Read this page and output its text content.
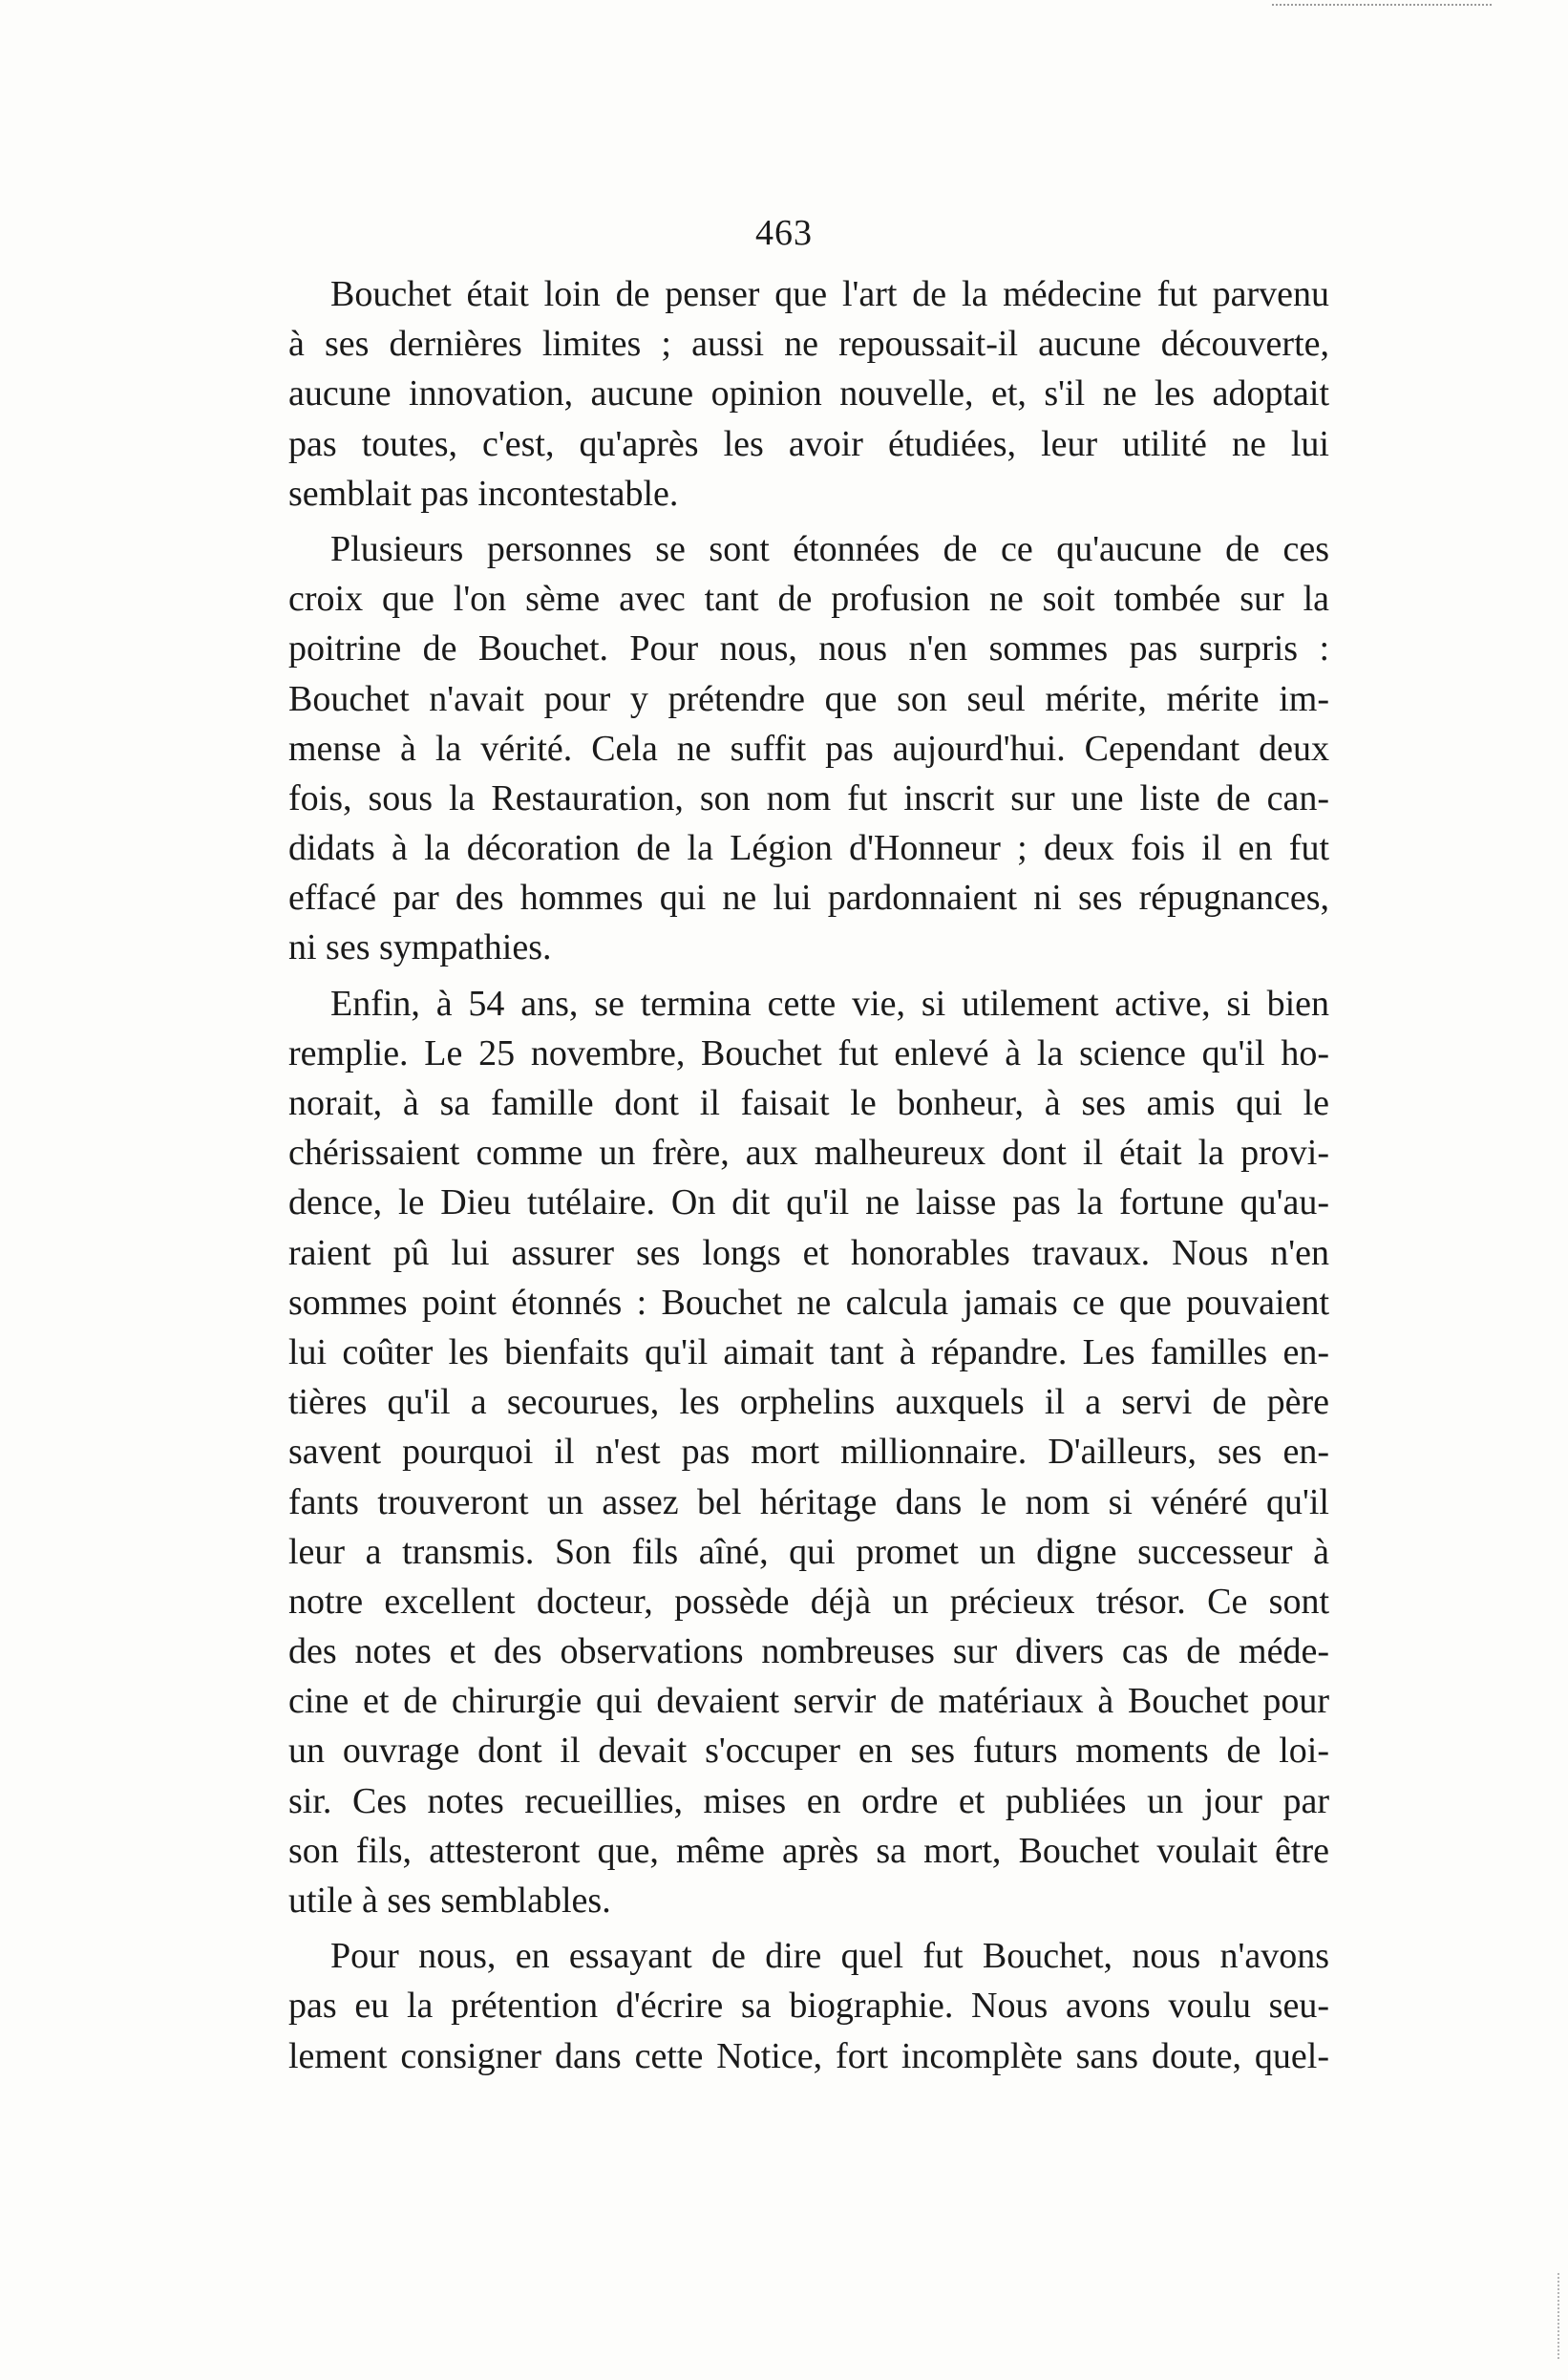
463
Bouchet était loin de penser que l'art de la médecine fut parvenu
à ses dernières limites ; aussi ne repoussait-il aucune découverte,
aucune innovation, aucune opinion nouvelle, et, s'il ne les adoptait
pas toutes, c'est, qu'après les avoir étudiées, leur utilité ne lui
semblait pas incontestable.
Plusieurs personnes se sont étonnées de ce qu'aucune de ces
croix que l'on sème avec tant de profusion ne soit tombée sur la
poitrine de Bouchet. Pour nous, nous n'en sommes pas surpris :
Bouchet n'avait pour y prétendre que son seul mérite, mérite im-
mense à la vérité. Cela ne suffit pas aujourd'hui. Cependant deux
fois, sous la Restauration, son nom fut inscrit sur une liste de can-
didats à la décoration de la Légion d'Honneur ; deux fois il en fut
effacé par des hommes qui ne lui pardonnaient ni ses répugnances,
ni ses sympathies.
Enfin, à 54 ans, se termina cette vie, si utilement active, si bien
remplie. Le 25 novembre, Bouchet fut enlevé à la science qu'il ho-
norait, à sa famille dont il faisait le bonheur, à ses amis qui le
chérissaient comme un frère, aux malheureux dont il était la provi-
dence, le Dieu tutélaire. On dit qu'il ne laisse pas la fortune qu'au-
raient pû lui assurer ses longs et honorables travaux. Nous n'en
sommes point étonnés : Bouchet ne calcula jamais ce que pouvaient
lui coûter les bienfaits qu'il aimait tant à répandre. Les familles en-
tières qu'il a secourues, les orphelins auxquels il a servi de père
savent pourquoi il n'est pas mort millionnaire. D'ailleurs, ses en-
fants trouveront un assez bel héritage dans le nom si vénéré qu'il
leur a transmis. Son fils aîné, qui promet un digne successeur à
notre excellent docteur, possède déjà un précieux trésor. Ce sont
des notes et des observations nombreuses sur divers cas de méde-
cine et de chirurgie qui devaient servir de matériaux à Bouchet pour
un ouvrage dont il devait s'occuper en ses futurs moments de loi-
sir. Ces notes recueillies, mises en ordre et publiées un jour par
son fils, attesteront que, même après sa mort, Bouchet voulait être
utile à ses semblables.
Pour nous, en essayant de dire quel fut Bouchet, nous n'avons
pas eu la prétention d'écrire sa biographie. Nous avons voulu seu-
lement consigner dans cette Notice, fort incomplète sans doute, quel-
